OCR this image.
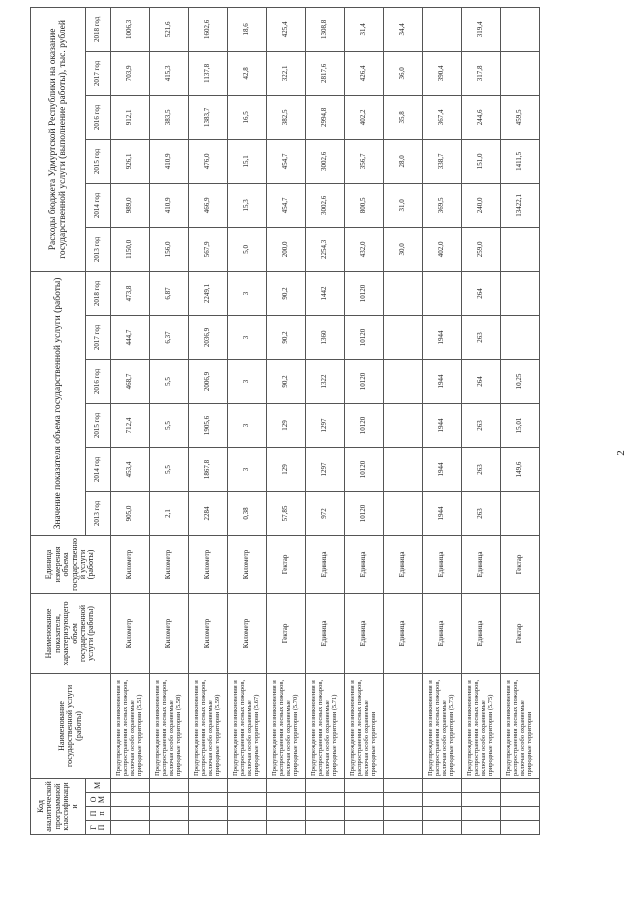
2
Код аналитической программной классификации				Наименование государственной услуги (работы)	Наименование показателя, характеризующего объем государственной услуги (работы)	Единица измерения объема государственной услуги (работы)	Значение показателя объема государственной услуги (работы)						Расходы бюджета Удмуртской Республики на оказание государственной услуги (выполнение работы), тыс. рублей					
ГП	Пп	ОМ	М				2013 год	2014 год	2015 год	2016 год	2017 год	2018 год	2013 год	2014 год	2015 год	2016 год	2017 год	2018 год
				Предупреждение возникновения и распространения лесных пожаров, включая особо охраняемые природные территории (5.51)	Километр	Километр	905,0	453,4	712,4	468,7	444,7	473,8	1150,0	989,0	926,1	912,1	703,9	1006,3
				Предупреждение возникновения и распространения лесных пожаров, включая особо охраняемые природные территории (5.58)	Километр	Километр	2,1	5,5	5,5	5,5	6,37	6,87	156,0	410,9	410,9	383,5	415,3	521,6
				Предупреждение возникновения и распространения лесных пожаров, включая особо охраняемые природные территории (5.59)	Километр	Километр	2284	1867,8	1905,6	2006,9	2036,9	2249,1	567,9	466,9	476,0	1383,7	1137,8	1602,6
				Предупреждение возникновения и распространения лесных пожаров, включая особо охраняемые природные территории (5.67)	Километр	Километр	0,38	3	3	3	3	3	5,0	15,3	15,1	16,5	42,8	18,6
				Предупреждение возникновения и распространения лесных пожаров, включая особо охраняемые природные территории (5.70)	Гектар	Гектар	57,85	129	129	90,2	90,2	90,2	200,0	454,7	454,7	382,5	322,1	425,4
				Предупреждение возникновения и распространения лесных пожаров, включая особо охраняемые природные территории (5.71)	Единица	Единица	972	1297	1297	1322	1360	1442	2254,3	3002,6	3002,6	2994,8	2817,6	1308,8
				Предупреждение возникновения и распространения лесных пожаров, включая особо охраняемые природные территории	Единица	Единица	10120	10120	10120	10120	10120	10120	432,0	800,5	356,7	402,2	426,4	31,4
					Единица	Единица							30,0	31,0	28,0	35,8	36,0	34,4
				Предупреждение возникновения и распространения лесных пожаров, включая особо охраняемые природные территории (5.73)	Единица	Единица	1944	1944	1944	1944	1944		402,0	369,5	338,7	367,4	390,4	
				Предупреждение возникновения и распространения лесных пожаров, включая особо охраняемые природные территории (5.75)	Единица	Единица	263	263	263	264	263	264	259,0	240,0	151,0	244,6	317,8	319,4
				Предупреждение возникновения и распространения лесных пожаров, включая особо охраняемые природные территории	Гектар	Гектар		149,6	15,01	10,25				13422,1	1411,5	459,5		
